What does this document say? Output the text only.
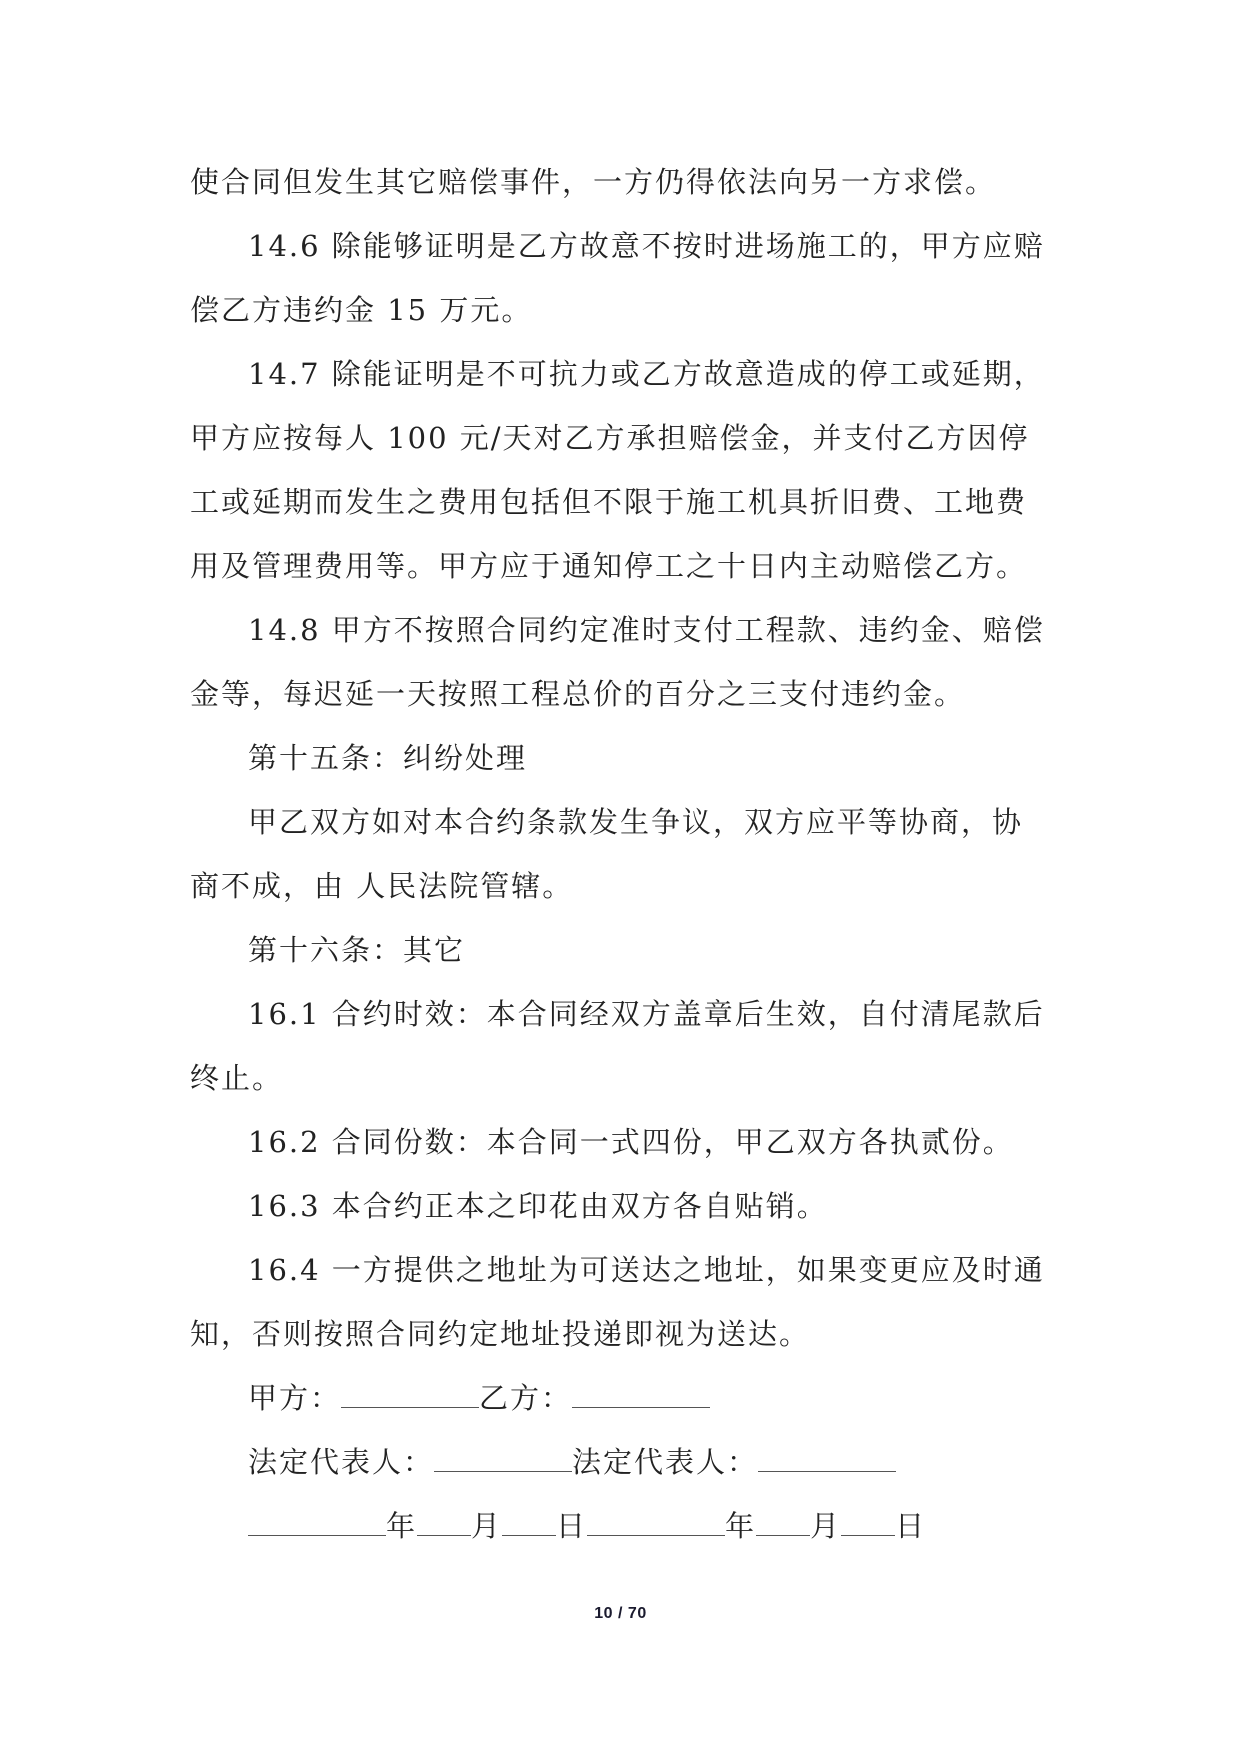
使合同但发生其它赔偿事件，一方仍得依法向另一方求偿。

14.6 除能够证明是乙方故意不按时进场施工的，甲方应赔偿乙方违约金 15 万元。

14.7 除能证明是不可抗力或乙方故意造成的停工或延期，甲方应按每人 100 元/天对乙方承担赔偿金，并支付乙方因停工或延期而发生之费用包括但不限于施工机具折旧费、工地费用及管理费用等。甲方应于通知停工之十日内主动赔偿乙方。

14.8 甲方不按照合同约定准时支付工程款、违约金、赔偿金等，每迟延一天按照工程总价的百分之三支付违约金。

第十五条：纠纷处理

甲乙双方如对本合约条款发生争议，双方应平等协商，协商不成，由 人民法院管辖。

第十六条：其它

16.1 合约时效：本合同经双方盖章后生效，自付清尾款后终止。

16.2 合同份数：本合同一式四份，甲乙双方各执贰份。

16.3 本合约正本之印花由双方各自贴销。

16.4 一方提供之地址为可送达之地址，如果变更应及时通知，否则按照合同约定地址投递即视为送达。

甲方：	乙方：

法定代表人：	法定代表人：

年 月 日	年 月 日

10 / 70
